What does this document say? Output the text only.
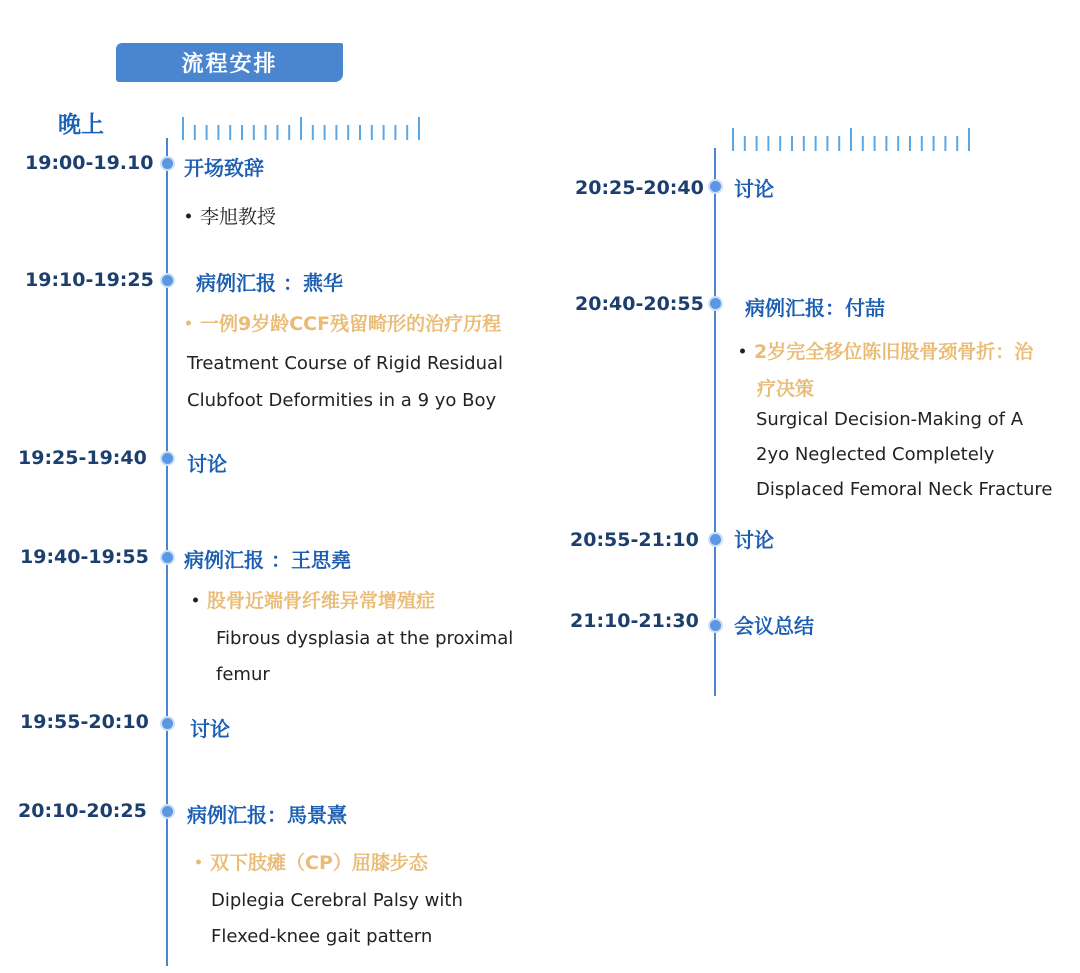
流程安排
晚上
19:00-19.10 开场致辞
李旭教授
19:10-19:25 病例汇报 ：燕华
一例9岁龄CCF残留畸形的治疗历程
Treatment Course of Rigid Residual
Clubfoot Deformities in a 9 yo Boy
19:25-19:40 讨论
19:40-19:55 病例汇报 ：王思堯
股骨近端骨纤维异常增殖症
Fibrous dysplasia at the proximal
femur
19:55-20:10 讨论
20:10-20:25 病例汇报：馬景熹
双下肢瘫（CP）屈膝步态
Diplegia Cerebral Palsy with
Flexed-knee gait pattern
20:25-20:40 讨论
20:40-20:55 病例汇报：付喆
2岁完全移位陈旧股骨颈骨折：治
疗决策
Surgical Decision-Making of A
2yo Neglected Completely
Displaced Femoral Neck Fracture
20:55-21:10 讨论
21:10-21:30 会议总结
